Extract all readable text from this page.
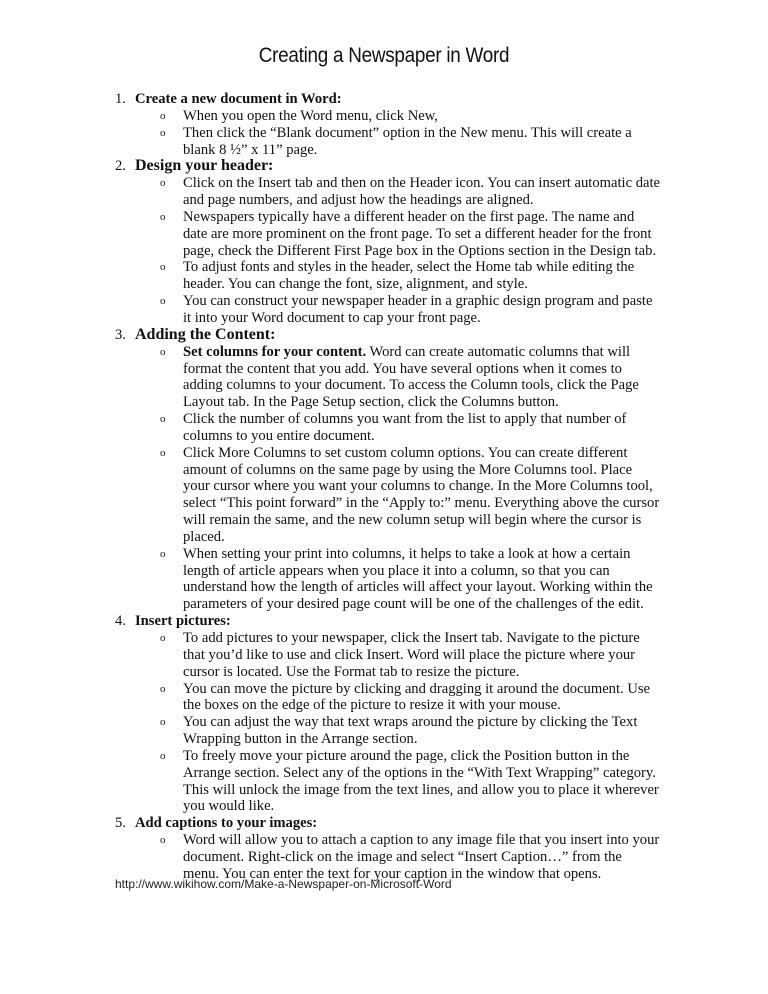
Creating a Newspaper in Word
1. Create a new document in Word:
o When you open the Word menu, click New,
o Then click the “Blank document” option in the New menu. This will create a blank 8 ½” x 11” page.
2. Design your header:
o Click on the Insert tab and then on the Header icon. You can insert automatic date and page numbers, and adjust how the headings are aligned.
o Newspapers typically have a different header on the first page. The name and date are more prominent on the front page. To set a different header for the front page, check the Different First Page box in the Options section in the Design tab.
o To adjust fonts and styles in the header, select the Home tab while editing the header. You can change the font, size, alignment, and style.
o You can construct your newspaper header in a graphic design program and paste it into your Word document to cap your front page.
3. Adding the Content:
o Set columns for your content. Word can create automatic columns that will format the content that you add. You have several options when it comes to adding columns to your document. To access the Column tools, click the Page Layout tab. In the Page Setup section, click the Columns button.
o Click the number of columns you want from the list to apply that number of columns to you entire document.
o Click More Columns to set custom column options. You can create different amount of columns on the same page by using the More Columns tool. Place your cursor where you want your columns to change. In the More Columns tool, select “This point forward” in the “Apply to:” menu. Everything above the cursor will remain the same, and the new column setup will begin where the cursor is placed.
o When setting your print into columns, it helps to take a look at how a certain length of article appears when you place it into a column, so that you can understand how the length of articles will affect your layout. Working within the parameters of your desired page count will be one of the challenges of the edit.
4. Insert pictures:
o To add pictures to your newspaper, click the Insert tab. Navigate to the picture that you’d like to use and click Insert. Word will place the picture where your cursor is located. Use the Format tab to resize the picture.
o You can move the picture by clicking and dragging it around the document. Use the boxes on the edge of the picture to resize it with your mouse.
o You can adjust the way that text wraps around the picture by clicking the Text Wrapping button in the Arrange section.
o To freely move your picture around the page, click the Position button in the Arrange section. Select any of the options in the “With Text Wrapping” category. This will unlock the image from the text lines, and allow you to place it wherever you would like.
5. Add captions to your images:
o Word will allow you to attach a caption to any image file that you insert into your document. Right-click on the image and select “Insert Caption…” from the menu. You can enter the text for your caption in the window that opens.
http://www.wikihow.com/Make-a-Newspaper-on-Microsoft-Word
